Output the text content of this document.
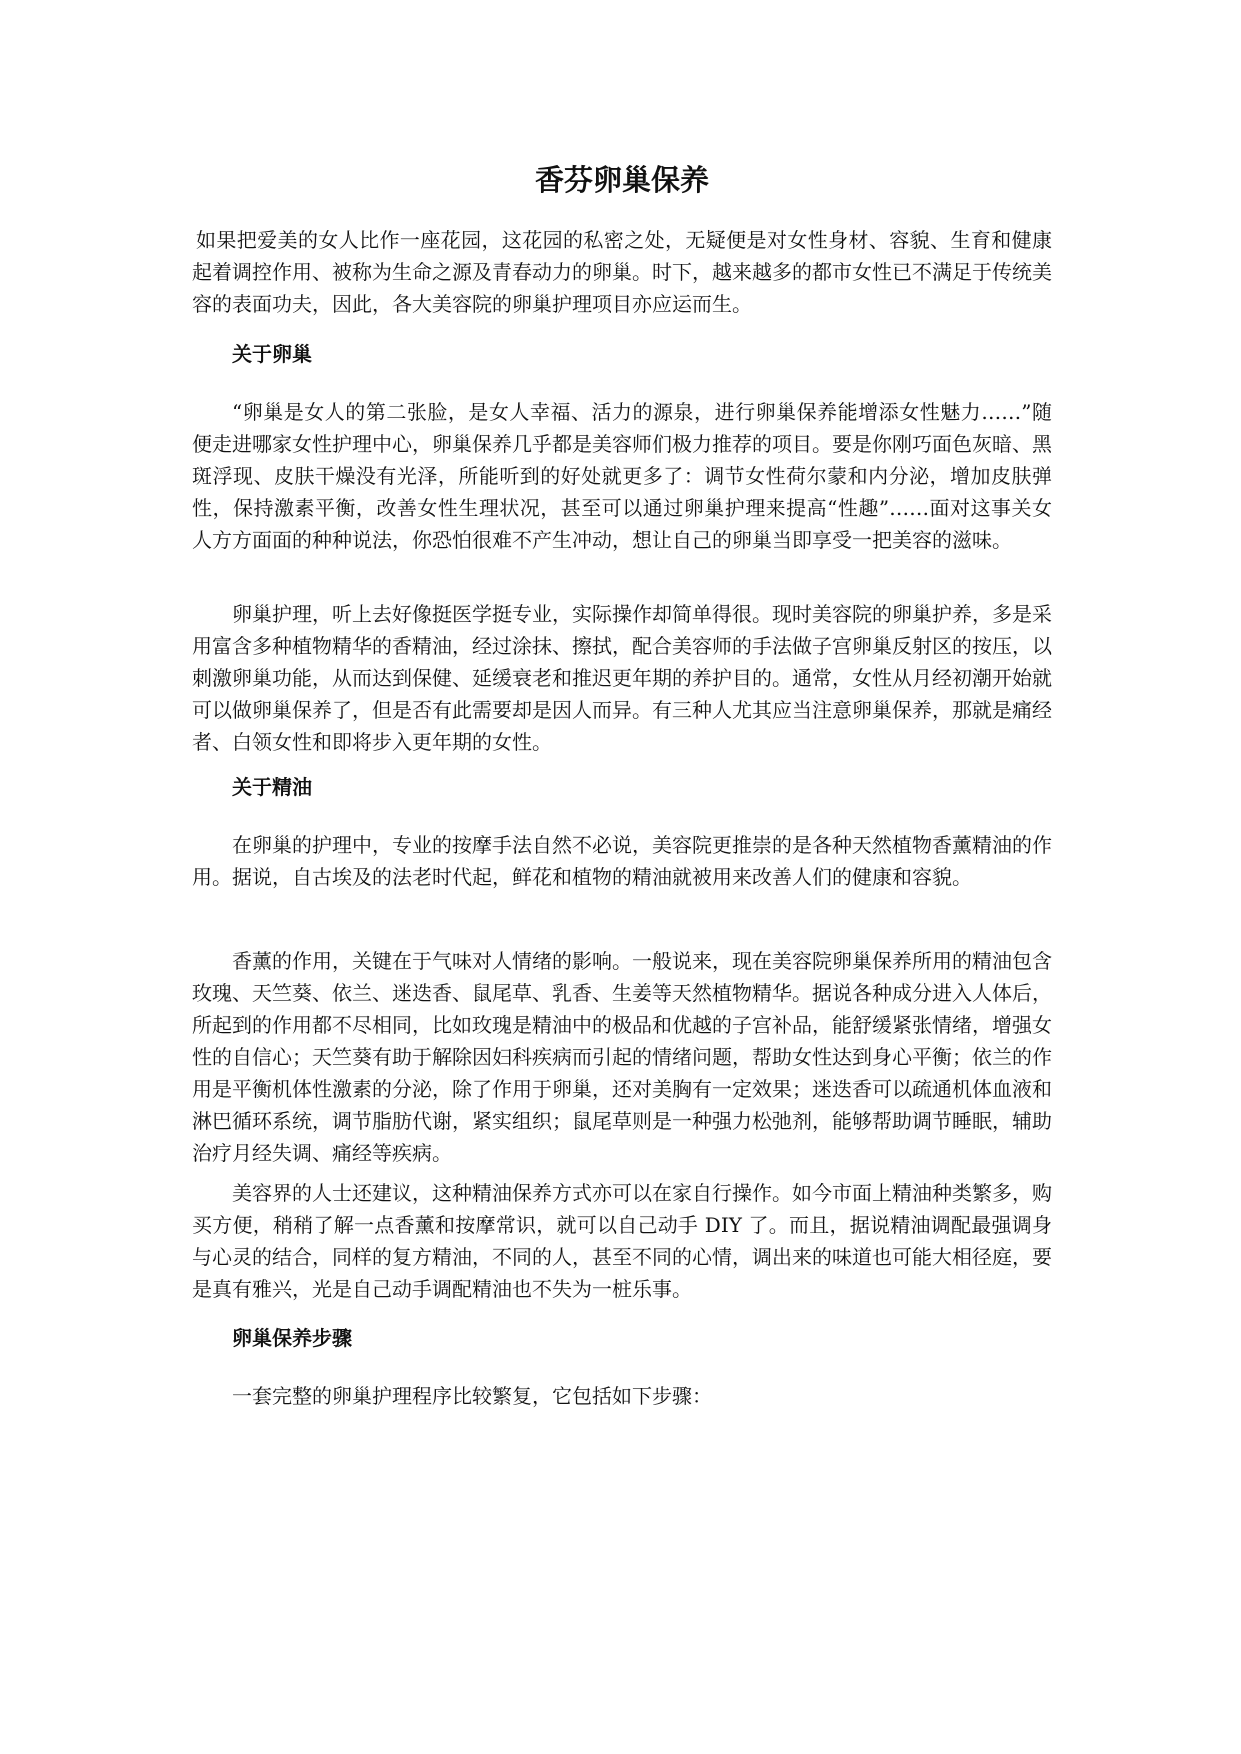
香芬卵巢保养

如果把爱美的女人比作一座花园，这花园的私密之处，无疑便是对女性身材、容貌、生育和健康起着调控作用、被称为生命之源及青春动力的卵巢。时下，越来越多的都市女性已不满足于传统美容的表面功夫，因此，各大美容院的卵巢护理项目亦应运而生。

关于卵巢

“卵巢是女人的第二张脸，是女人幸福、活力的源泉，进行卵巢保养能增添女性魅力……”随便走进哪家女性护理中心，卵巢保养几乎都是美容师们极力推荐的项目。要是你刚巧面色灰暗、黑斑浮现、皮肤干燥没有光泽，所能听到的好处就更多了：调节女性荷尔蒙和内分泌，增加皮肤弹性，保持激素平衡，改善女性生理状况，甚至可以通过卵巢护理来提高“性趣”……面对这事关女人方方面面的种种说法，你恐怕很难不产生冲动，想让自己的卵巢当即享受一把美容的滋味。

卵巢护理，听上去好像挺医学挺专业，实际操作却简单得很。现时美容院的卵巢护养，多是采用富含多种植物精华的香精油，经过涂抹、擦拭，配合美容师的手法做子宫卵巢反射区的按压，以刺激卵巢功能，从而达到保健、延缓衰老和推迟更年期的养护目的。通常，女性从月经初潮开始就可以做卵巢保养了，但是否有此需要却是因人而异。有三种人尤其应当注意卵巢保养，那就是痛经者、白领女性和即将步入更年期的女性。

关于精油

在卵巢的护理中，专业的按摩手法自然不必说，美容院更推崇的是各种天然植物香薰精油的作用。据说，自古埃及的法老时代起，鲜花和植物的精油就被用来改善人们的健康和容貌。

香薰的作用，关键在于气味对人情绪的影响。一般说来，现在美容院卵巢保养所用的精油包含玫瑰、天竺葵、依兰、迷迭香、鼠尾草、乳香、生姜等天然植物精华。据说各种成分进入人体后，所起到的作用都不尽相同，比如玫瑰是精油中的极品和优越的子宫补品，能舒缓紧张情绪，增强女性的自信心；天竺葵有助于解除因妇科疾病而引起的情绪问题，帮助女性达到身心平衡；依兰的作用是平衡机体性激素的分泌，除了作用于卵巢，还对美胸有一定效果；迷迭香可以疏通机体血液和淋巴循环系统，调节脂肪代谢，紧实组织；鼠尾草则是一种强力松弛剂，能够帮助调节睡眠，辅助治疗月经失调、痛经等疾病。

美容界的人士还建议，这种精油保养方式亦可以在家自行操作。如今市面上精油种类繁多，购买方便，稍稍了解一点香薰和按摩常识，就可以自己动手 DIY 了。而且，据说精油调配最强调身与心灵的结合，同样的复方精油，不同的人，甚至不同的心情，调出来的味道也可能大相径庭，要是真有雅兴，光是自己动手调配精油也不失为一桩乐事。

卵巢保养步骤

一套完整的卵巢护理程序比较繁复，它包括如下步骤：
